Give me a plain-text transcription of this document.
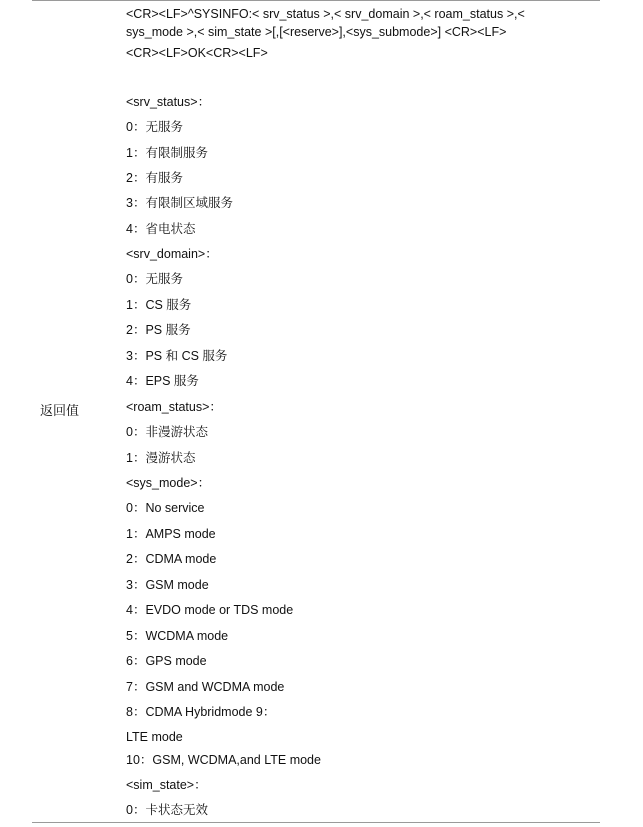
返回值
<CR><LF>^SYSINFO:< srv_status >,< srv_domain >,< roam_status >,<
sys_mode >,< sim_state >[,[<reserve>],<sys_submode>] <CR><LF>
<CR><LF>OK<CR><LF>
<srv_status>：
0：无服务
1：有限制服务
2：有服务
3：有限制区域服务
4：省电状态
<srv_domain>：
0：无服务
1：CS 服务
2：PS 服务
3：PS 和 CS 服务
4：EPS 服务
<roam_status>：
0：非漫游状态
1：漫游状态
<sys_mode>：
0：No service
1：AMPS mode
2：CDMA mode
3：GSM mode
4：EVDO mode or TDS mode
5：WCDMA mode
6：GPS mode
7：GSM and WCDMA mode
8：CDMA Hybridmode 9：
LTE mode
10：GSM, WCDMA,and LTE mode
<sim_state>：
0：卡状态无效
